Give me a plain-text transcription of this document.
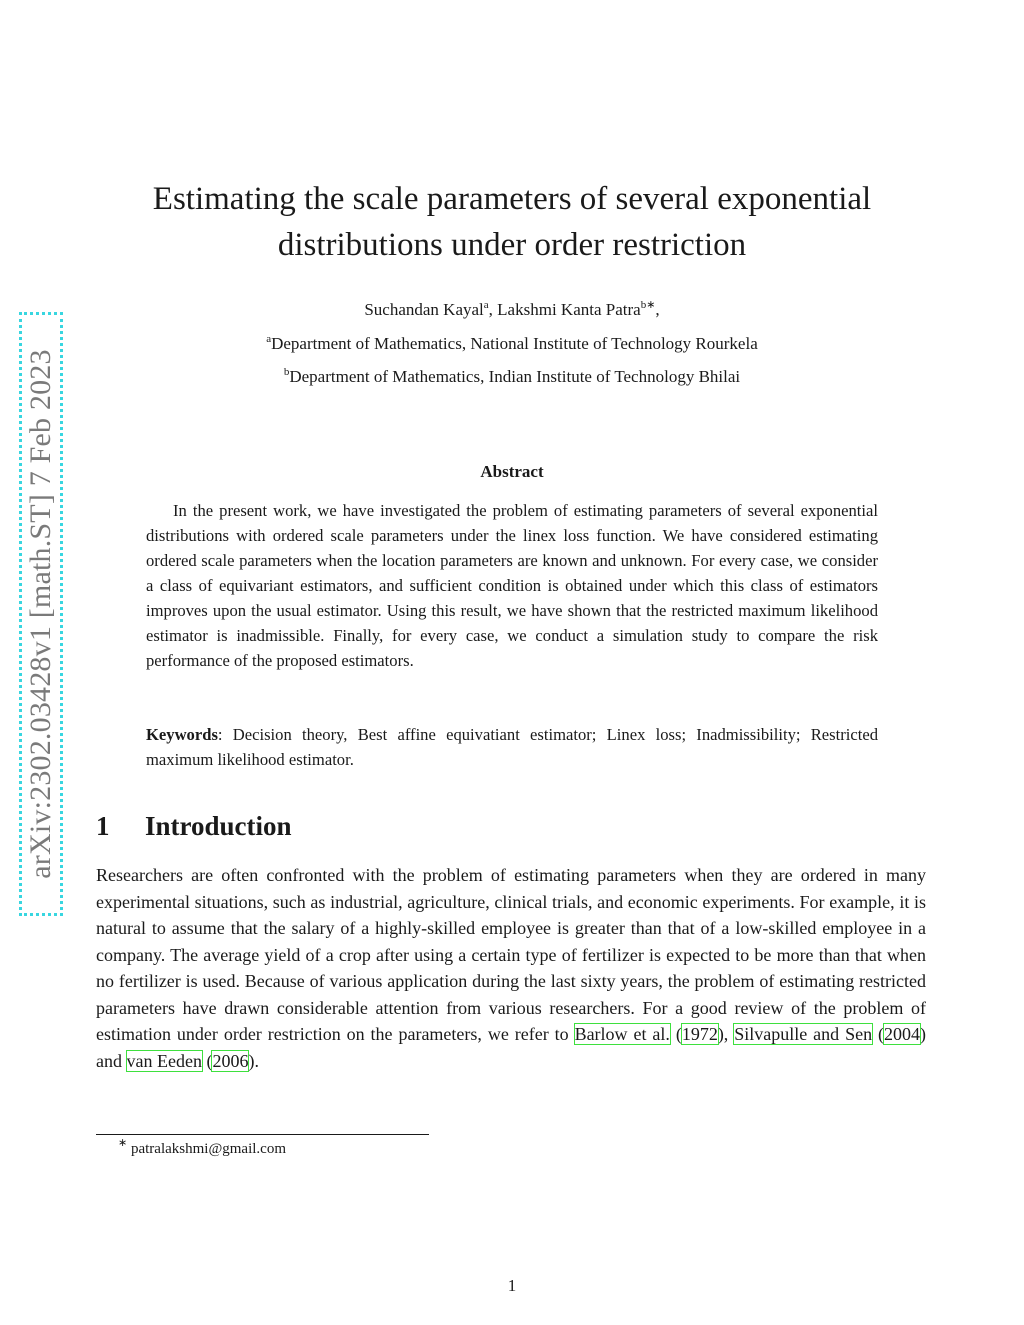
arXiv:2302.03428v1 [math.ST] 7 Feb 2023
Estimating the scale parameters of several exponential
distributions under order restriction
Suchandan Kayal$^a$, Lakshmi Kanta Patra$^{b∗}$,
$^a$Department of Mathematics, National Institute of Technology Rourkela
$^b$Department of Mathematics, Indian Institute of Technology Bhilai
Abstract
In the present work, we have investigated the problem of estimating parameters of several exponential distributions with ordered scale parameters under the linex loss function. We have considered estimating ordered scale parameters when the location parameters are known and unknown. For every case, we consider a class of equivariant estimators, and sufficient condition is obtained under which this class of estimators improves upon the usual estimator. Using this result, we have shown that the restricted maximum likelihood estimator is inadmissible. Finally, for every case, we conduct a simulation study to compare the risk performance of the proposed estimators.
Keywords: Decision theory, Best affine equivatiant estimator; Linex loss; Inadmissibility; Restricted maximum likelihood estimator.
1 Introduction
Researchers are often confronted with the problem of estimating parameters when they are ordered in many experimental situations, such as industrial, agriculture, clinical trials, and economic experiments. For example, it is natural to assume that the salary of a highly-skilled employee is greater than that of a low-skilled employee in a company. The average yield of a crop after using a certain type of fertilizer is expected to be more than that when no fertilizer is used. Because of various application during the last sixty years, the problem of estimating restricted parameters have drawn considerable attention from various researchers. For a good review of the problem of estimation under order restriction on the parameters, we refer to Barlow et al. (1972), Silvapulle and Sen (2004) and van Eeden (2006).
∗ patralakshmi@gmail.com
1
